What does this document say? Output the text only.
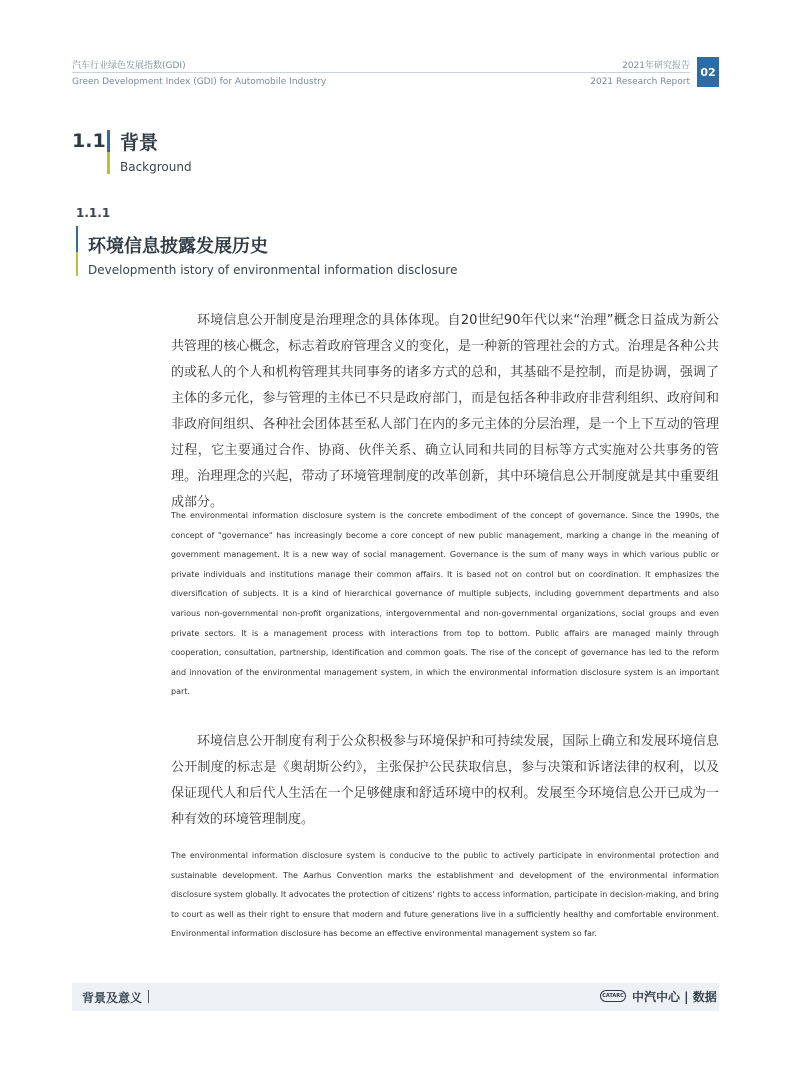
汽车行业绿色发展指数(GDI)
Green Development Index (GDI) for Automobile Industry
2021年研究报告
2021 Research Report
02
1.1 背景
Background
1.1.1
环境信息披露发展历史
Developmenth istory of environmental information disclosure
环境信息公开制度是治理理念的具体体现。自20世纪90年代以来“治理”概念日益成为新公共管理的核心概念，标志着政府管理含义的变化，是一种新的管理社会的方式。治理是各种公共的或私人的个人和机构管理其共同事务的诸多方式的总和，其基础不是控制，而是协调，强调了主体的多元化，参与管理的主体已不只是政府部门，而是包括各种非政府非营利组织、政府间和非政府间组织、各种社会团体甚至私人部门在内的多元主体的分层治理，是一个上下互动的管理过程，它主要通过合作、协商、伙伴关系、确立认同和共同的目标等方式实施对公共事务的管理。治理理念的兴起，带动了环境管理制度的改革创新，其中环境信息公开制度就是其中重要组成部分。
The environmental information disclosure system is the concrete embodiment of the concept of governance. Since the 1990s, the concept of "governance" has increasingly become a core concept of new public management, marking a change in the meaning of government management. It is a new way of social management. Governance is the sum of many ways in which various public or private individuals and institutions manage their common affairs. It is based not on control but on coordination. It emphasizes the diversification of subjects. It is a kind of hierarchical governance of multiple subjects, including government departments and also various non-governmental non-profit organizations, intergovernmental and non-governmental organizations, social groups and even private sectors. It is a management process with interactions from top to bottom. Public affairs are managed mainly through cooperation, consultation, partnership, identification and common goals. The rise of the concept of governance has led to the reform and innovation of the environmental management system, in which the environmental information disclosure system is an important part.
环境信息公开制度有利于公众积极参与环境保护和可持续发展，国际上确立和发展环境信息公开制度的标志是《奥胡斯公约》，主张保护公民获取信息，参与决策和诉诸法律的权利，以及保证现代人和后代人生活在一个足够健康和舒适环境中的权利。发展至今环境信息公开已成为一种有效的环境管理制度。
The environmental information disclosure system is conducive to the public to actively participate in environmental protection and sustainable development. The Aarhus Convention marks the establishment and development of the environmental information disclosure system globally. It advocates the protection of citizens' rights to access information, participate in decision-making, and bring to court as well as their right to ensure that modern and future generations live in a sufficiently healthy and comfortable environment. Environmental information disclosure has become an effective environmental management system so far.
背景及意义	CATARC 中汽中心 | 数据
